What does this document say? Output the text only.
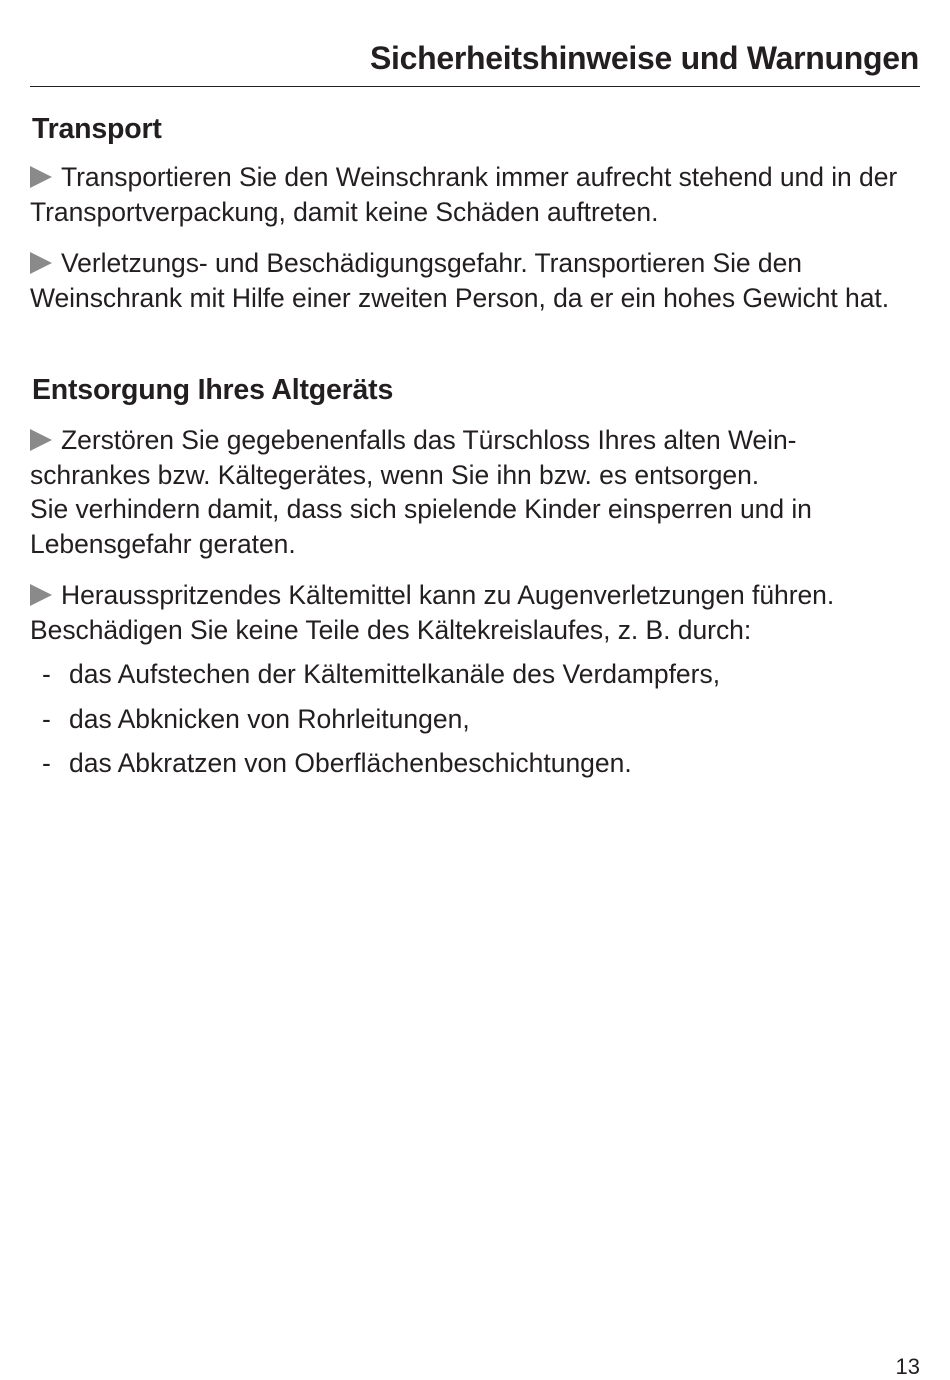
Sicherheitshinweise und Warnungen
Transport

Transportieren Sie den Weinschrank immer aufrecht stehend und in der Transportverpackung, damit keine Schäden auftreten.

Verletzungs- und Beschädigungsgefahr. Transportieren Sie den Weinschrank mit Hilfe einer zweiten Person, da er ein hohes Gewicht hat.

Entsorgung Ihres Altgeräts

Zerstören Sie gegebenenfalls das Türschloss Ihres alten Wein-
schrankes bzw. Kältegerätes, wenn Sie ihn bzw. es entsorgen.
Sie verhindern damit, dass sich spielende Kinder einsperren und in Lebensgefahr geraten.

Herausspritzendes Kältemittel kann zu Augenverletzungen führen. Beschädigen Sie keine Teile des Kältekreislaufes, z. B. durch:

- das Aufstechen der Kältemittelkanäle des Verdampfers,
- das Abknicken von Rohrleitungen,
- das Abkratzen von Oberflächenbeschichtungen.
13
